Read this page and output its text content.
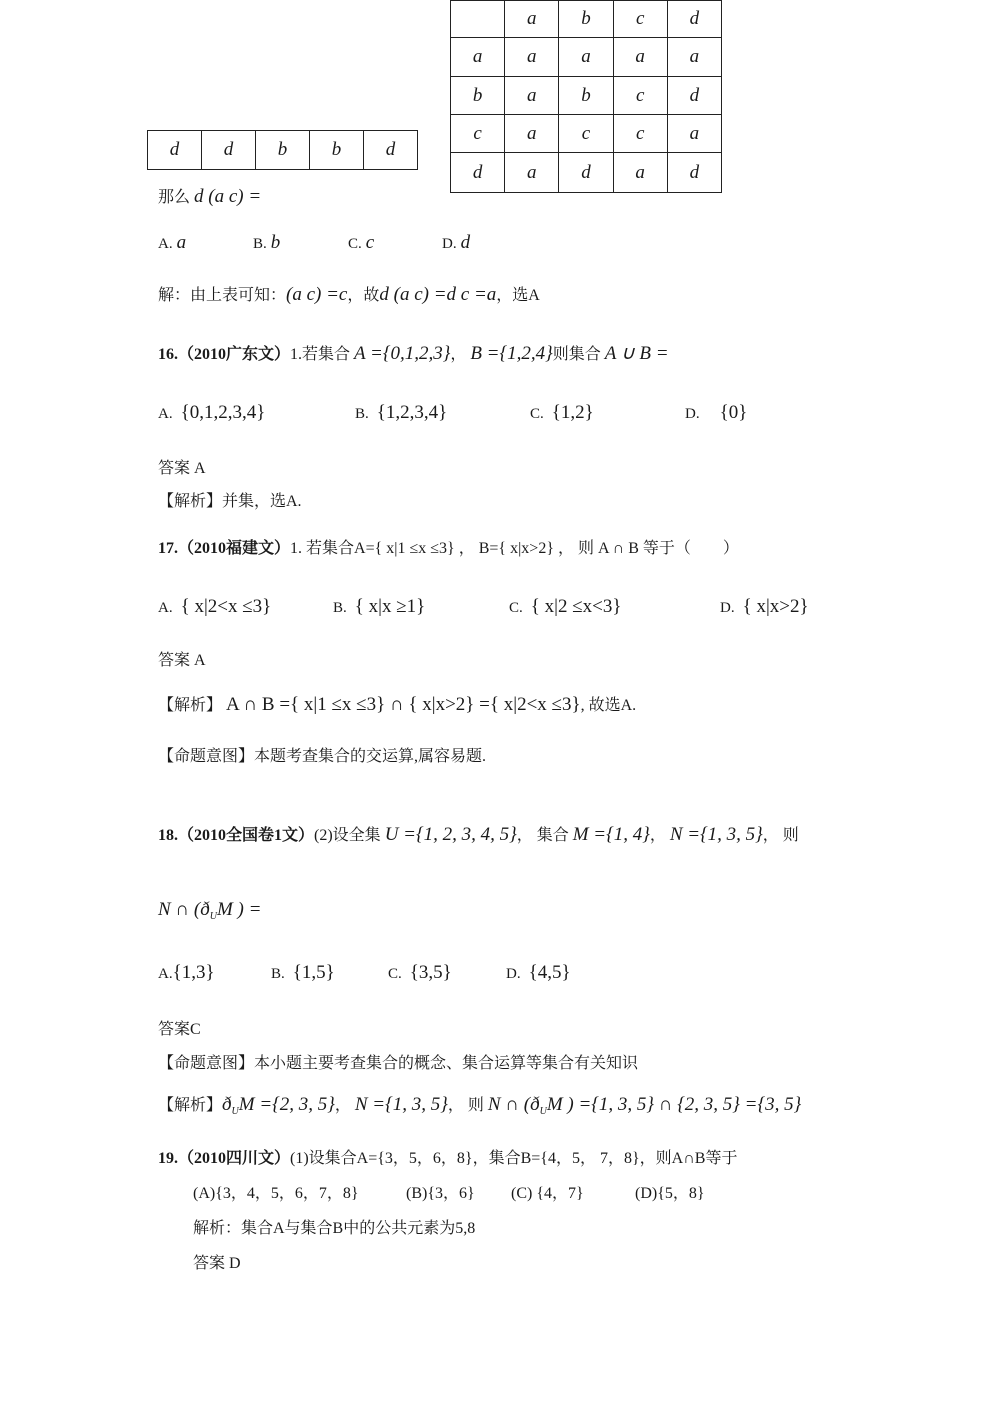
	a	b	c	d
a	a	a	a	a
b	a	b	c	d
c	a	c	c	a
d	a	d	a	d
d	d	b	b	d
那么 d (a c) =
A. a	B. b	C. c	D. d
解：由上表可知：(a c) =c，故d (a c) =d c =a，选A
16.（2010广东文）1.若集合 A ={0,1,2,3}， B ={1,2,4}则集合 A ∪ B =
A. {0,1,2,3,4}	B. {1,2,3,4}	C. {1,2}	D. {0}
答案 A
【解析】并集，选A.
17.（2010福建文）1. 若集合A={ x|1 ≤x ≤3} ， B={ x|x>2} ， 则 A ∩ B 等于（　　）
A. { x|2<x ≤3}	B. { x|x ≥1}	C. { x|2 ≤x<3}	D. { x|x>2}
答案 A
【解析】 A ∩ B ={ x|1 ≤x ≤3} ∩ { x|x>2} ={ x|2<x ≤3}, 故选A.
【命题意图】本题考查集合的交运算,属容易题.
18.（2010全国卷1文）(2)设全集 U ={1, 2, 3, 4, 5}， 集合 M ={1, 4}， N ={1, 3, 5}， 则
N ∩ ($ð_UM$ ) =
A.{1,3}	B. {1,5}	C. {3,5}	D. {4,5}
答案C
【命题意图】本小题主要考查集合的概念、集合运算等集合有关知识
【解析】$ð_UM =\{2$, 3, 5}， N ={1, 3, 5}， 则 N ∩ ($ð_UM$ ) ={1, 3, 5} ∩ {2, 3, 5} ={3, 5}
19.（2010四川文）(1)设集合A={3，5，6，8}，集合B={4，5， 7，8}，则A∩B等于
(A){3，4，5，6，7，8}	(B){3，6} (C) {4，7}	(D){5，8}
解析：集合A与集合B中的公共元素为5,8
答案 D
